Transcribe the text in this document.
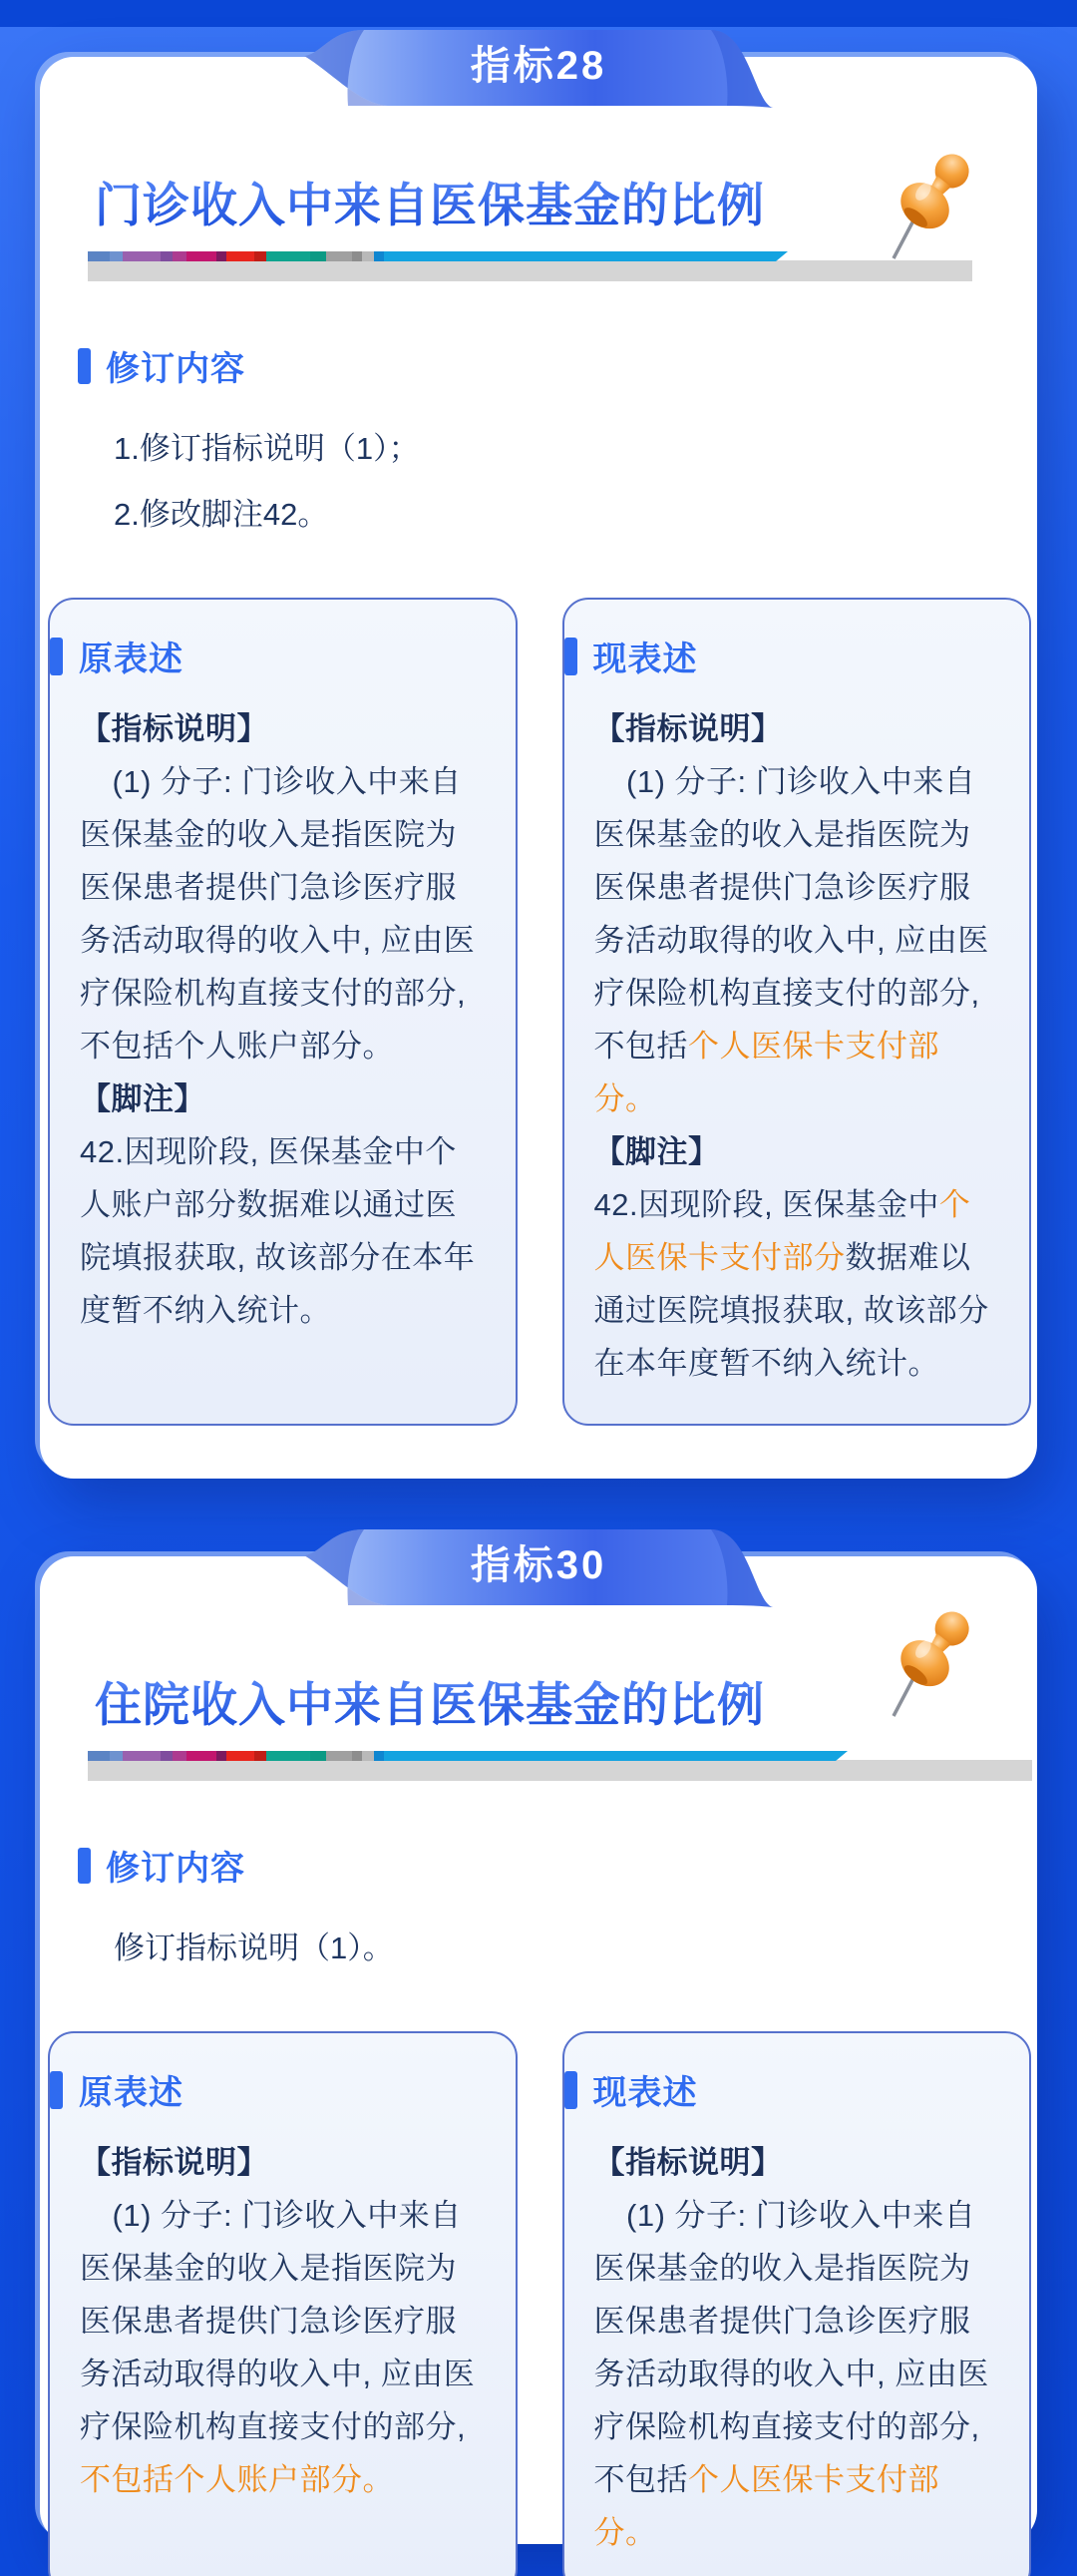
指标28
门诊收入中来自医保基金的比例
修订内容
1.修订指标说明（1）；
2.修改脚注42。
原表述
【指标说明】
(1) 分子: 门诊收入中来自医保基金的收入是指医院为医保患者提供门急诊医疗服务活动取得的收入中, 应由医疗保险机构直接支付的部分, 不包括个人账户部分。
【脚注】
42.因现阶段, 医保基金中个人账户部分数据难以通过医院填报获取, 故该部分在本年度暂不纳入统计。
现表述
【指标说明】
(1) 分子: 门诊收入中来自医保基金的收入是指医院为医保患者提供门急诊医疗服务活动取得的收入中, 应由医疗保险机构直接支付的部分, 不包括个人医保卡支付部分。
【脚注】
42.因现阶段, 医保基金中个人医保卡支付部分数据难以通过医院填报获取, 故该部分在本年度暂不纳入统计。
指标30
住院收入中来自医保基金的比例
修订内容
修订指标说明（1）。
原表述
【指标说明】
(1) 分子: 门诊收入中来自医保基金的收入是指医院为医保患者提供门急诊医疗服务活动取得的收入中, 应由医疗保险机构直接支付的部分, 不包括个人账户部分。
现表述
【指标说明】
(1) 分子: 门诊收入中来自医保基金的收入是指医院为医保患者提供门急诊医疗服务活动取得的收入中, 应由医疗保险机构直接支付的部分, 不包括个人医保卡支付部分。
